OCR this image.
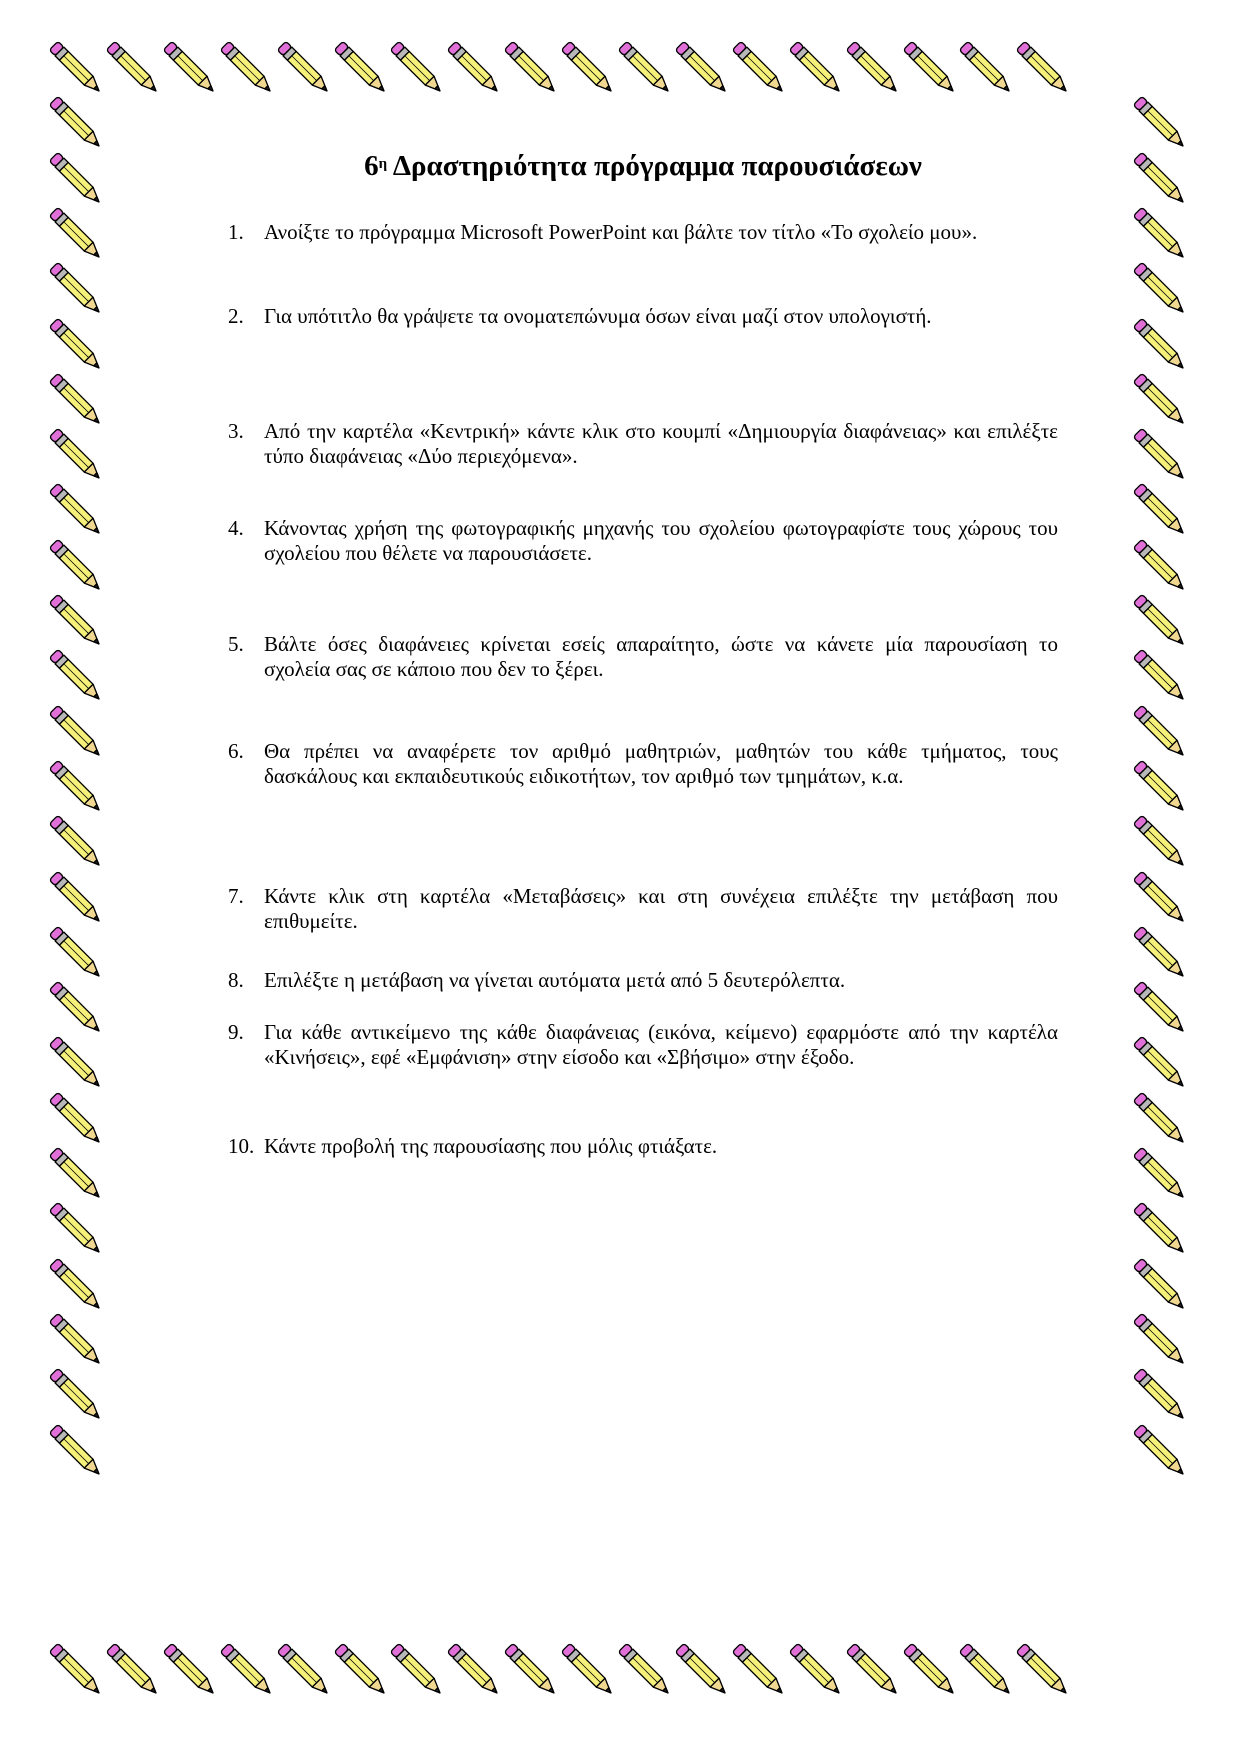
$6^\eta$ Δραστηριότητα πρόγραμμα παρουσιάσεων
1. Ανοίξτε το πρόγραμμα Microsoft PowerPoint και βάλτε τον τίτλο «Το σχολείο μου».
2. Για υπότιτλο θα γράψετε τα ονοματεπώνυμα όσων είναι μαζί στον υπολογιστή.
3. Από την καρτέλα «Κεντρική» κάντε κλικ στο κουμπί «Δημιουργία διαφάνειας» και επιλέξτε τύπο διαφάνειας «Δύο περιεχόμενα».
4. Κάνοντας χρήση της φωτογραφικής μηχανής του σχολείου φωτογραφίστε τους χώρους του σχολείου που θέλετε να παρουσιάσετε.
5. Βάλτε όσες διαφάνειες κρίνεται εσείς απαραίτητο, ώστε να κάνετε μία παρουσίαση το σχολεία σας σε κάποιο που δεν το ξέρει.
6. Θα πρέπει να αναφέρετε τον αριθμό μαθητριών, μαθητών του κάθε τμήματος, τους δασκάλους και εκπαιδευτικούς ειδικοτήτων, τον αριθμό των τμημάτων, κ.α.
7. Κάντε κλικ στη καρτέλα «Μεταβάσεις» και στη συνέχεια επιλέξτε την μετάβαση που επιθυμείτε.
8. Επιλέξτε η μετάβαση να γίνεται αυτόματα μετά από 5 δευτερόλεπτα.
9. Για κάθε αντικείμενο της κάθε διαφάνειας (εικόνα, κείμενο) εφαρμόστε από την καρτέλα «Κινήσεις», εφέ «Εμφάνιση» στην είσοδο και «Σβήσιμο» στην έξοδο.
10. Κάντε προβολή της παρουσίασης που μόλις φτιάξατε.
